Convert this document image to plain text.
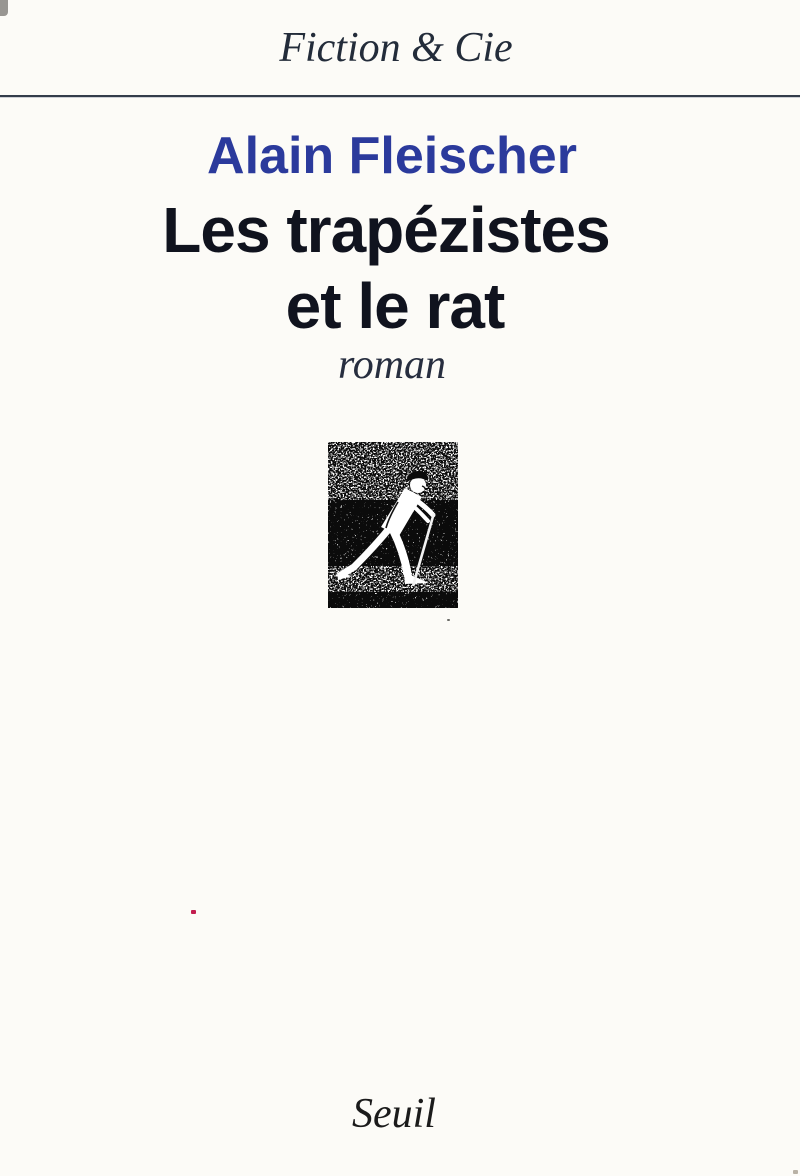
Fiction & Cie
Alain Fleischer
Les trapézistes
et le rat
roman
Seuil
